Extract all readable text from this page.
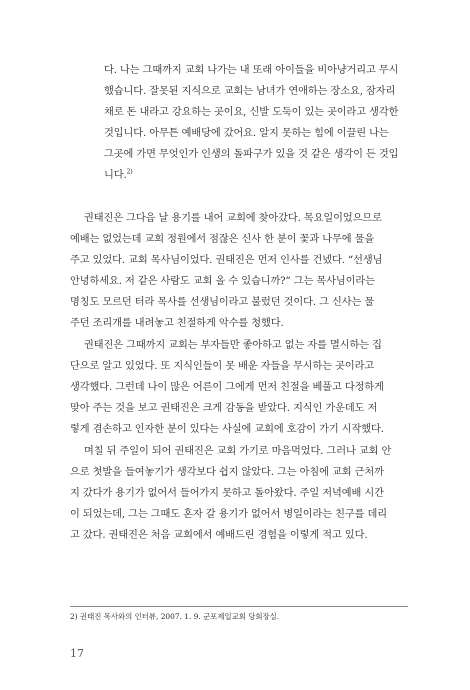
다. 나는 그때까지 교회 나가는 내 또래 아이들을 비아냥거리고 무시

했습니다. 잘못된 지식으로 교회는 남녀가 연애하는 장소요, 잠자리

채로 돈 내라고 강요하는 곳이요, 신발 도둑이 있는 곳이라고 생각한

것입니다. 아무튼 예배당에 갔어요. 알지 못하는 힘에 이끌린 나는

그곳에 가면 무엇인가 인생의 돌파구가 있을 것 같은 생각이 든 것입

니다.$^{2)}$

권태진은 그다음 날 용기를 내어 교회에 찾아갔다. 목요일이었으므로

예배는 없었는데 교회 정원에서 점잖은 신사 한 분이 꽃과 나무에 물을

주고 있었다. 교회 목사님이었다. 권태진은 먼저 인사를 건넸다. “선생님

안녕하세요. 저 같은 사람도 교회 올 수 있습니까?” 그는 목사님이라는

명칭도 모르던 터라 목사를 선생님이라고 불렀던 것이다. 그 신사는 물

주던 조리개를 내려놓고 친절하게 악수를 청했다.

권태진은 그때까지 교회는 부자들만 좋아하고 없는 자를 멸시하는 집

단으로 알고 있었다. 또 지식인들이 못 배운 자들을 무시하는 곳이라고

생각했다. 그런데 나이 많은 어른이 그에게 먼저 친절을 베풀고 다정하게

맞아 주는 것을 보고 권태진은 크게 감동을 받았다. 지식인 가운데도 저

렇게 겸손하고 인자한 분이 있다는 사실에 교회에 호감이 가기 시작했다.

며칠 뒤 주일이 되어 권태진은 교회 가기로 마음먹었다. 그러나 교회 안

으로 첫발을 들여놓기가 생각보다 쉽지 않았다. 그는 아침에 교회 근처까

지 갔다가 용기가 없어서 들어가지 못하고 돌아왔다. 주일 저녁예배 시간

이 되었는데, 그는 그때도 혼자 갈 용기가 없어서 병일이라는 친구를 데리

고 갔다. 권태진은 처음 교회에서 예배드린 경험을 이렇게 적고 있다.

2) 권태진 목사와의 인터뷰, 2007. 1. 9. 군포제일교회 당회장실.

17
